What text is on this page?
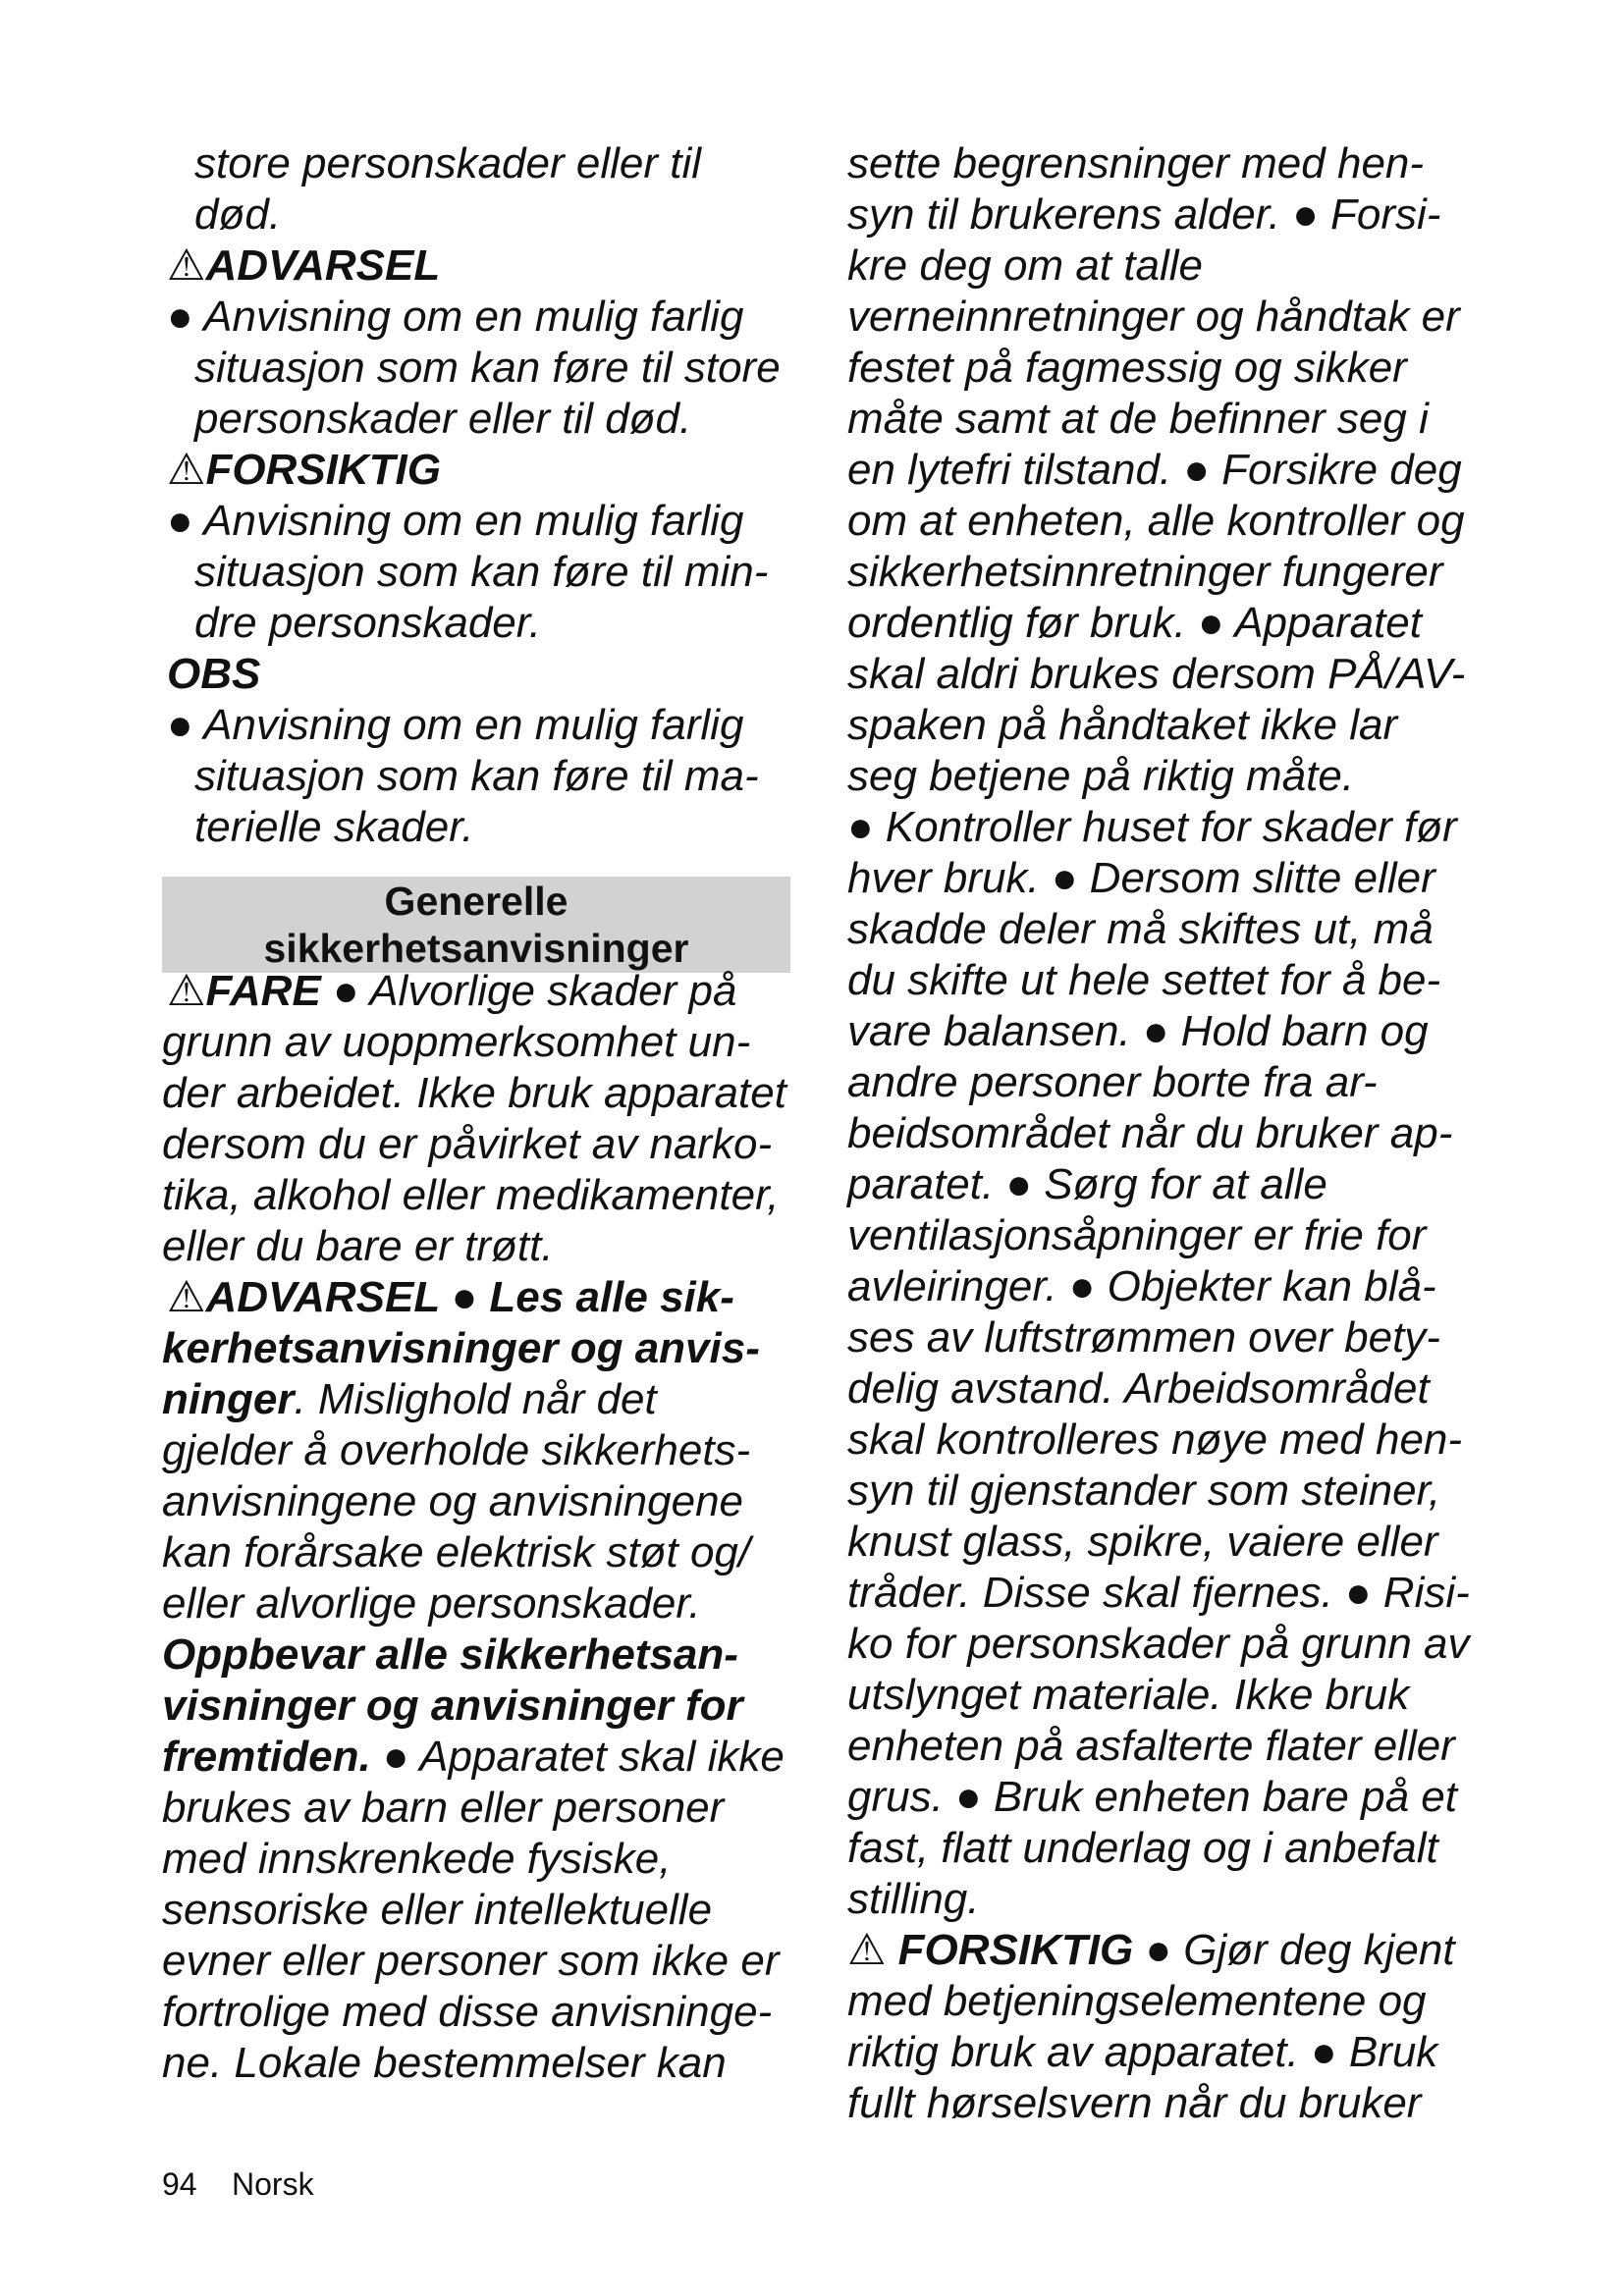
store personskader eller til
død.
⚠ADVARSEL
● Anvisning om en mulig farlig
situasjon som kan føre til store
personskader eller til død.
⚠FORSIKTIG
● Anvisning om en mulig farlig
situasjon som kan føre til min-
dre personskader.
OBS
● Anvisning om en mulig farlig
situasjon som kan føre til ma-
terielle skader.
Generelle
sikkerhetsanvisninger
⚠FARE ● Alvorlige skader på
grunn av uoppmerksomhet un-
der arbeidet. Ikke bruk apparatet
dersom du er påvirket av narko-
tika, alkohol eller medikamenter,
eller du bare er trøtt.
⚠ADVARSEL ● Les alle sik-
kerhetsanvisninger og anvis-
ninger. Mislighold når det
gjelder å overholde sikkerhets-
anvisningene og anvisningene
kan forårsake elektrisk støt og/
eller alvorlige personskader.
Oppbevar alle sikkerhetsan-
visninger og anvisninger for
fremtiden. ● Apparatet skal ikke
brukes av barn eller personer
med innskrenkede fysiske,
sensoriske eller intellektuelle
evner eller personer som ikke er
fortrolige med disse anvisninge-
ne. Lokale bestemmelser kan
sette begrensninger med hen-
syn til brukerens alder. ● Forsi-
kre deg om at talle
verneinnretninger og håndtak er
festet på fagmessig og sikker
måte samt at de befinner seg i
en lytefri tilstand. ● Forsikre deg
om at enheten, alle kontroller og
sikkerhetsinnretninger fungerer
ordentlig før bruk. ● Apparatet
skal aldri brukes dersom PÅ/AV-
spaken på håndtaket ikke lar
seg betjene på riktig måte.
● Kontroller huset for skader før
hver bruk. ● Dersom slitte eller
skadde deler må skiftes ut, må
du skifte ut hele settet for å be-
vare balansen. ● Hold barn og
andre personer borte fra ar-
beidsområdet når du bruker ap-
paratet. ● Sørg for at alle
ventilasjonsåpninger er frie for
avleiringer. ● Objekter kan blå-
ses av luftstrømmen over bety-
delig avstand. Arbeidsområdet
skal kontrolleres nøye med hen-
syn til gjenstander som steiner,
knust glass, spikre, vaiere eller
tråder. Disse skal fjernes. ● Risi-
ko for personskader på grunn av
utslynget materiale. Ikke bruk
enheten på asfalterte flater eller
grus. ● Bruk enheten bare på et
fast, flatt underlag og i anbefalt
stilling.
⚠ FORSIKTIG ● Gjør deg kjent
med betjeningselementene og
riktig bruk av apparatet. ● Bruk
fullt hørselsvern når du bruker
94 Norsk
